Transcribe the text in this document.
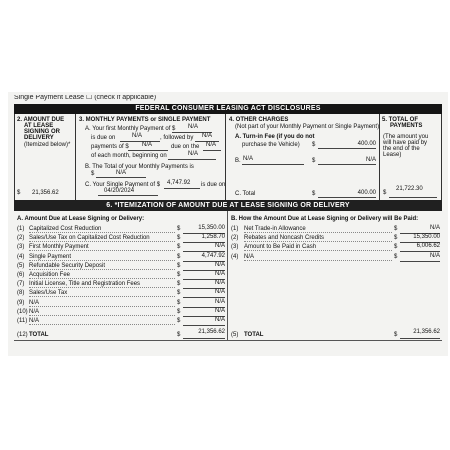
Single Payment Lease ☐ (check if applicable)
FEDERAL CONSUMER LEASING ACT DISCLOSURES
2. AMOUNT DUE
AT LEASE
SIGNING OR
DELIVERY
(Itemized below)*
$ 21,356.62
3. MONTHLY PAYMENTS or SINGLE PAYMENT
A. Your first Monthly Payment of $ N/A
is due on	N/A	, followed by N/A
payments of $ N/A	due on the N/A
of each month, beginning on	N/A
B. The Total of your Monthly Payments is
$	N/A
C. Your Single Payment of $ 4,747.92 is due on
04/20/2024
4. OTHER CHARGES
(Not part of your Monthly Payment or Single Payment)
A. Turn-in Fee (if you do not
purchase the Vehicle) $	400.00
B. N/A	$	N/A
C. Total	$	400.00
5. TOTAL OF
PAYMENTS
(The amount you
will have paid by
the end of the
Lease)
$
21,722.30
6. *ITEMIZATION OF AMOUNT DUE AT LEASE SIGNING OR DELIVERY
A. Amount Due at Lease Signing or Delivery:
(1) Capitalized Cost Reduction	$	15,350.00
(2) Sales/Use Tax on Capitalized Cost Reduction	$	1,258.70
(3) First Monthly Payment	$	N/A
(4) Single Payment	$	4,747.92
(5) Refundable Security Deposit	$	N/A
(6) Acquisition Fee	$	N/A
(7) Initial License, Title and Registration Fees	$	N/A
(8) Sales/Use Tax	$	N/A
(9) N/A	$	N/A
(10) N/A	$	N/A
(11) N/A	$	N/A
(12) TOTAL	$	21,356.62
B. How the Amount Due at Lease Signing or Delivery will Be Paid:
(1) Net Trade-in Allowance	$	N/A
(2) Rebates and Noncash Credits	$	15,350.00
(3) Amount to Be Paid in Cash	$	6,006.62
(4) N/A	$	N/A
(5) TOTAL	$	21,356.62
